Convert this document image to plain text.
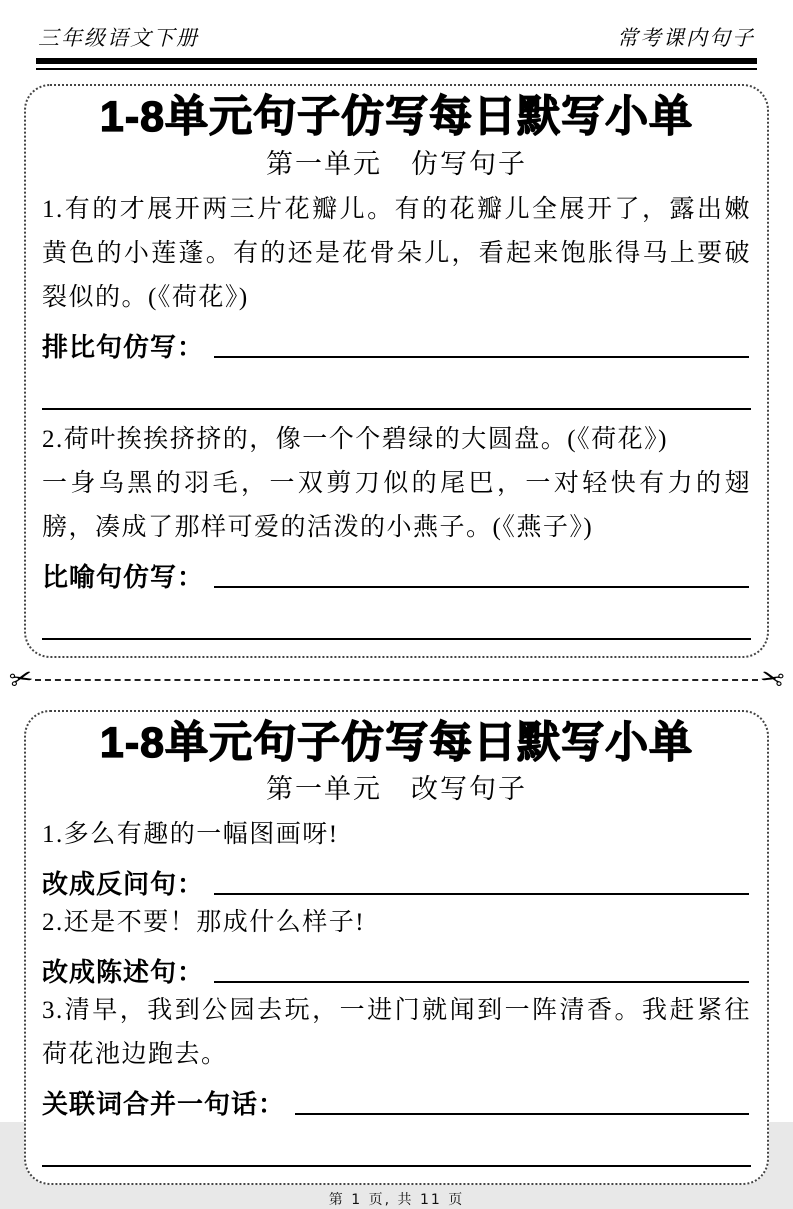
三年级语文下册	常考课内句子
1-8单元句子仿写每日默写小单
第一单元　仿写句子
1.有的才展开两三片花瓣儿。有的花瓣儿全展开了，露出嫩黄色的小莲蓬。有的还是花骨朵儿，看起来饱胀得马上要破裂似的。(《荷花》)
排比句仿写：
2.荷叶挨挨挤挤的，像一个个碧绿的大圆盘。(《荷花》)
一身乌黑的羽毛，一双剪刀似的尾巴，一对轻快有力的翅膀，凑成了那样可爱的活泼的小燕子。(《燕子》)
比喻句仿写：
✂	✂
1-8单元句子仿写每日默写小单
第一单元　改写句子
1.多么有趣的一幅图画呀!
改成反问句：
2.还是不要！那成什么样子!
改成陈述句：
3.清早，我到公园去玩，一进门就闻到一阵清香。我赶紧往荷花池边跑去。
关联词合并一句话：
第 1 页, 共 11 页
